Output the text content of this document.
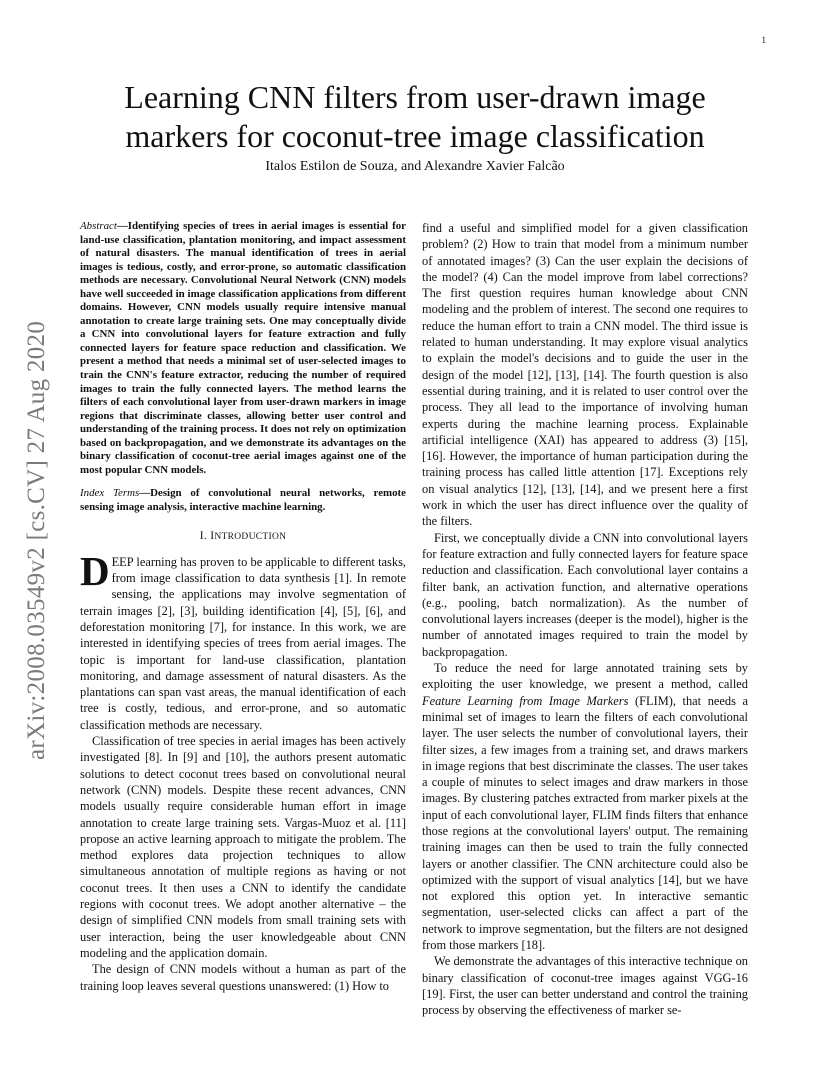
1
arXiv:2008.03549v2 [cs.CV] 27 Aug 2020
Learning CNN filters from user-drawn image markers for coconut-tree image classification
Italos Estilon de Souza, and Alexandre Xavier Falcão

Abstract—Identifying species of trees in aerial images is essential for land-use classification, plantation monitoring, and impact assessment of natural disasters. The manual identification of trees in aerial images is tedious, costly, and error-prone, so automatic classification methods are necessary. Convolutional Neural Network (CNN) models have well succeeded in image classification applications from different domains. However, CNN models usually require intensive manual annotation to create large training sets. One may conceptually divide a CNN into convolutional layers for feature extraction and fully connected layers for feature space reduction and classification. We present a method that needs a minimal set of user-selected images to train the CNN's feature extractor, reducing the number of required images to train the fully connected layers. The method learns the filters of each convolutional layer from user-drawn markers in image regions that discriminate classes, allowing better user control and understanding of the training process. It does not rely on optimization based on backpropagation, and we demonstrate its advantages on the binary classification of coconut-tree aerial images against one of the most popular CNN models.

Index Terms—Design of convolutional neural networks, remote sensing image analysis, interactive machine learning.

I. INTRODUCTION

DEEP learning has proven to be applicable to different tasks, from image classification to data synthesis [1]. In remote sensing, the applications may involve segmentation of terrain images [2], [3], building identification [4], [5], [6], and deforestation monitoring [7], for instance. In this work, we are interested in identifying species of trees from aerial images. The topic is important for land-use classification, plantation monitoring, and damage assessment of natural disasters. As the plantations can span vast areas, the manual identification of each tree is costly, tedious, and error-prone, and so automatic classification methods are necessary.

Classification of tree species in aerial images has been actively investigated [8]. In [9] and [10], the authors present automatic solutions to detect coconut trees based on convolutional neural network (CNN) models. Despite these recent advances, CNN models usually require considerable human effort in image annotation to create large training sets. Vargas-Muoz et al. [11] propose an active learning approach to mitigate the problem. The method explores data projection techniques to allow simultaneous annotation of multiple regions as having or not coconut trees. It then uses a CNN to identify the candidate regions with coconut trees. We adopt another alternative – the design of simplified CNN models from small training sets with user interaction, being the user knowledgeable about CNN modeling and the application domain.

The design of CNN models without a human as part of the training loop leaves several questions unanswered: (1) How to

find a useful and simplified model for a given classification problem? (2) How to train that model from a minimum number of annotated images? (3) Can the user explain the decisions of the model? (4) Can the model improve from label corrections? The first question requires human knowledge about CNN modeling and the problem of interest. The second one requires to reduce the human effort to train a CNN model. The third issue is related to human understanding. It may explore visual analytics to explain the model's decisions and to guide the user in the design of the model [12], [13], [14]. The fourth question is also essential during training, and it is related to user control over the process. They all lead to the importance of involving human experts during the machine learning process. Explainable artificial intelligence (XAI) has appeared to address (3) [15], [16]. However, the importance of human participation during the training process has called little attention [17]. Exceptions rely on visual analytics [12], [13], [14], and we present here a first work in which the user has direct influence over the quality of the filters.

First, we conceptually divide a CNN into convolutional layers for feature extraction and fully connected layers for feature space reduction and classification. Each convolutional layer contains a filter bank, an activation function, and alternative operations (e.g., pooling, batch normalization). As the number of convolutional layers increases (deeper is the model), higher is the number of annotated images required to train the model by backpropagation.

To reduce the need for large annotated training sets by exploiting the user knowledge, we present a method, called Feature Learning from Image Markers (FLIM), that needs a minimal set of images to learn the filters of each convolutional layer. The user selects the number of convolutional layers, their filter sizes, a few images from a training set, and draws markers in image regions that best discriminate the classes. The user takes a couple of minutes to select images and draw markers in those images. By clustering patches extracted from marker pixels at the input of each convolutional layer, FLIM finds filters that enhance those regions at the convolutional layers' output. The remaining training images can then be used to train the fully connected layers or another classifier. The CNN architecture could also be optimized with the support of visual analytics [14], but we have not explored this option yet. In interactive semantic segmentation, user-selected clicks can affect a part of the network to improve segmentation, but the filters are not designed from those markers [18].

We demonstrate the advantages of this interactive technique on binary classification of coconut-tree images against VGG-16 [19]. First, the user can better understand and control the training process by observing the effectiveness of marker se-
